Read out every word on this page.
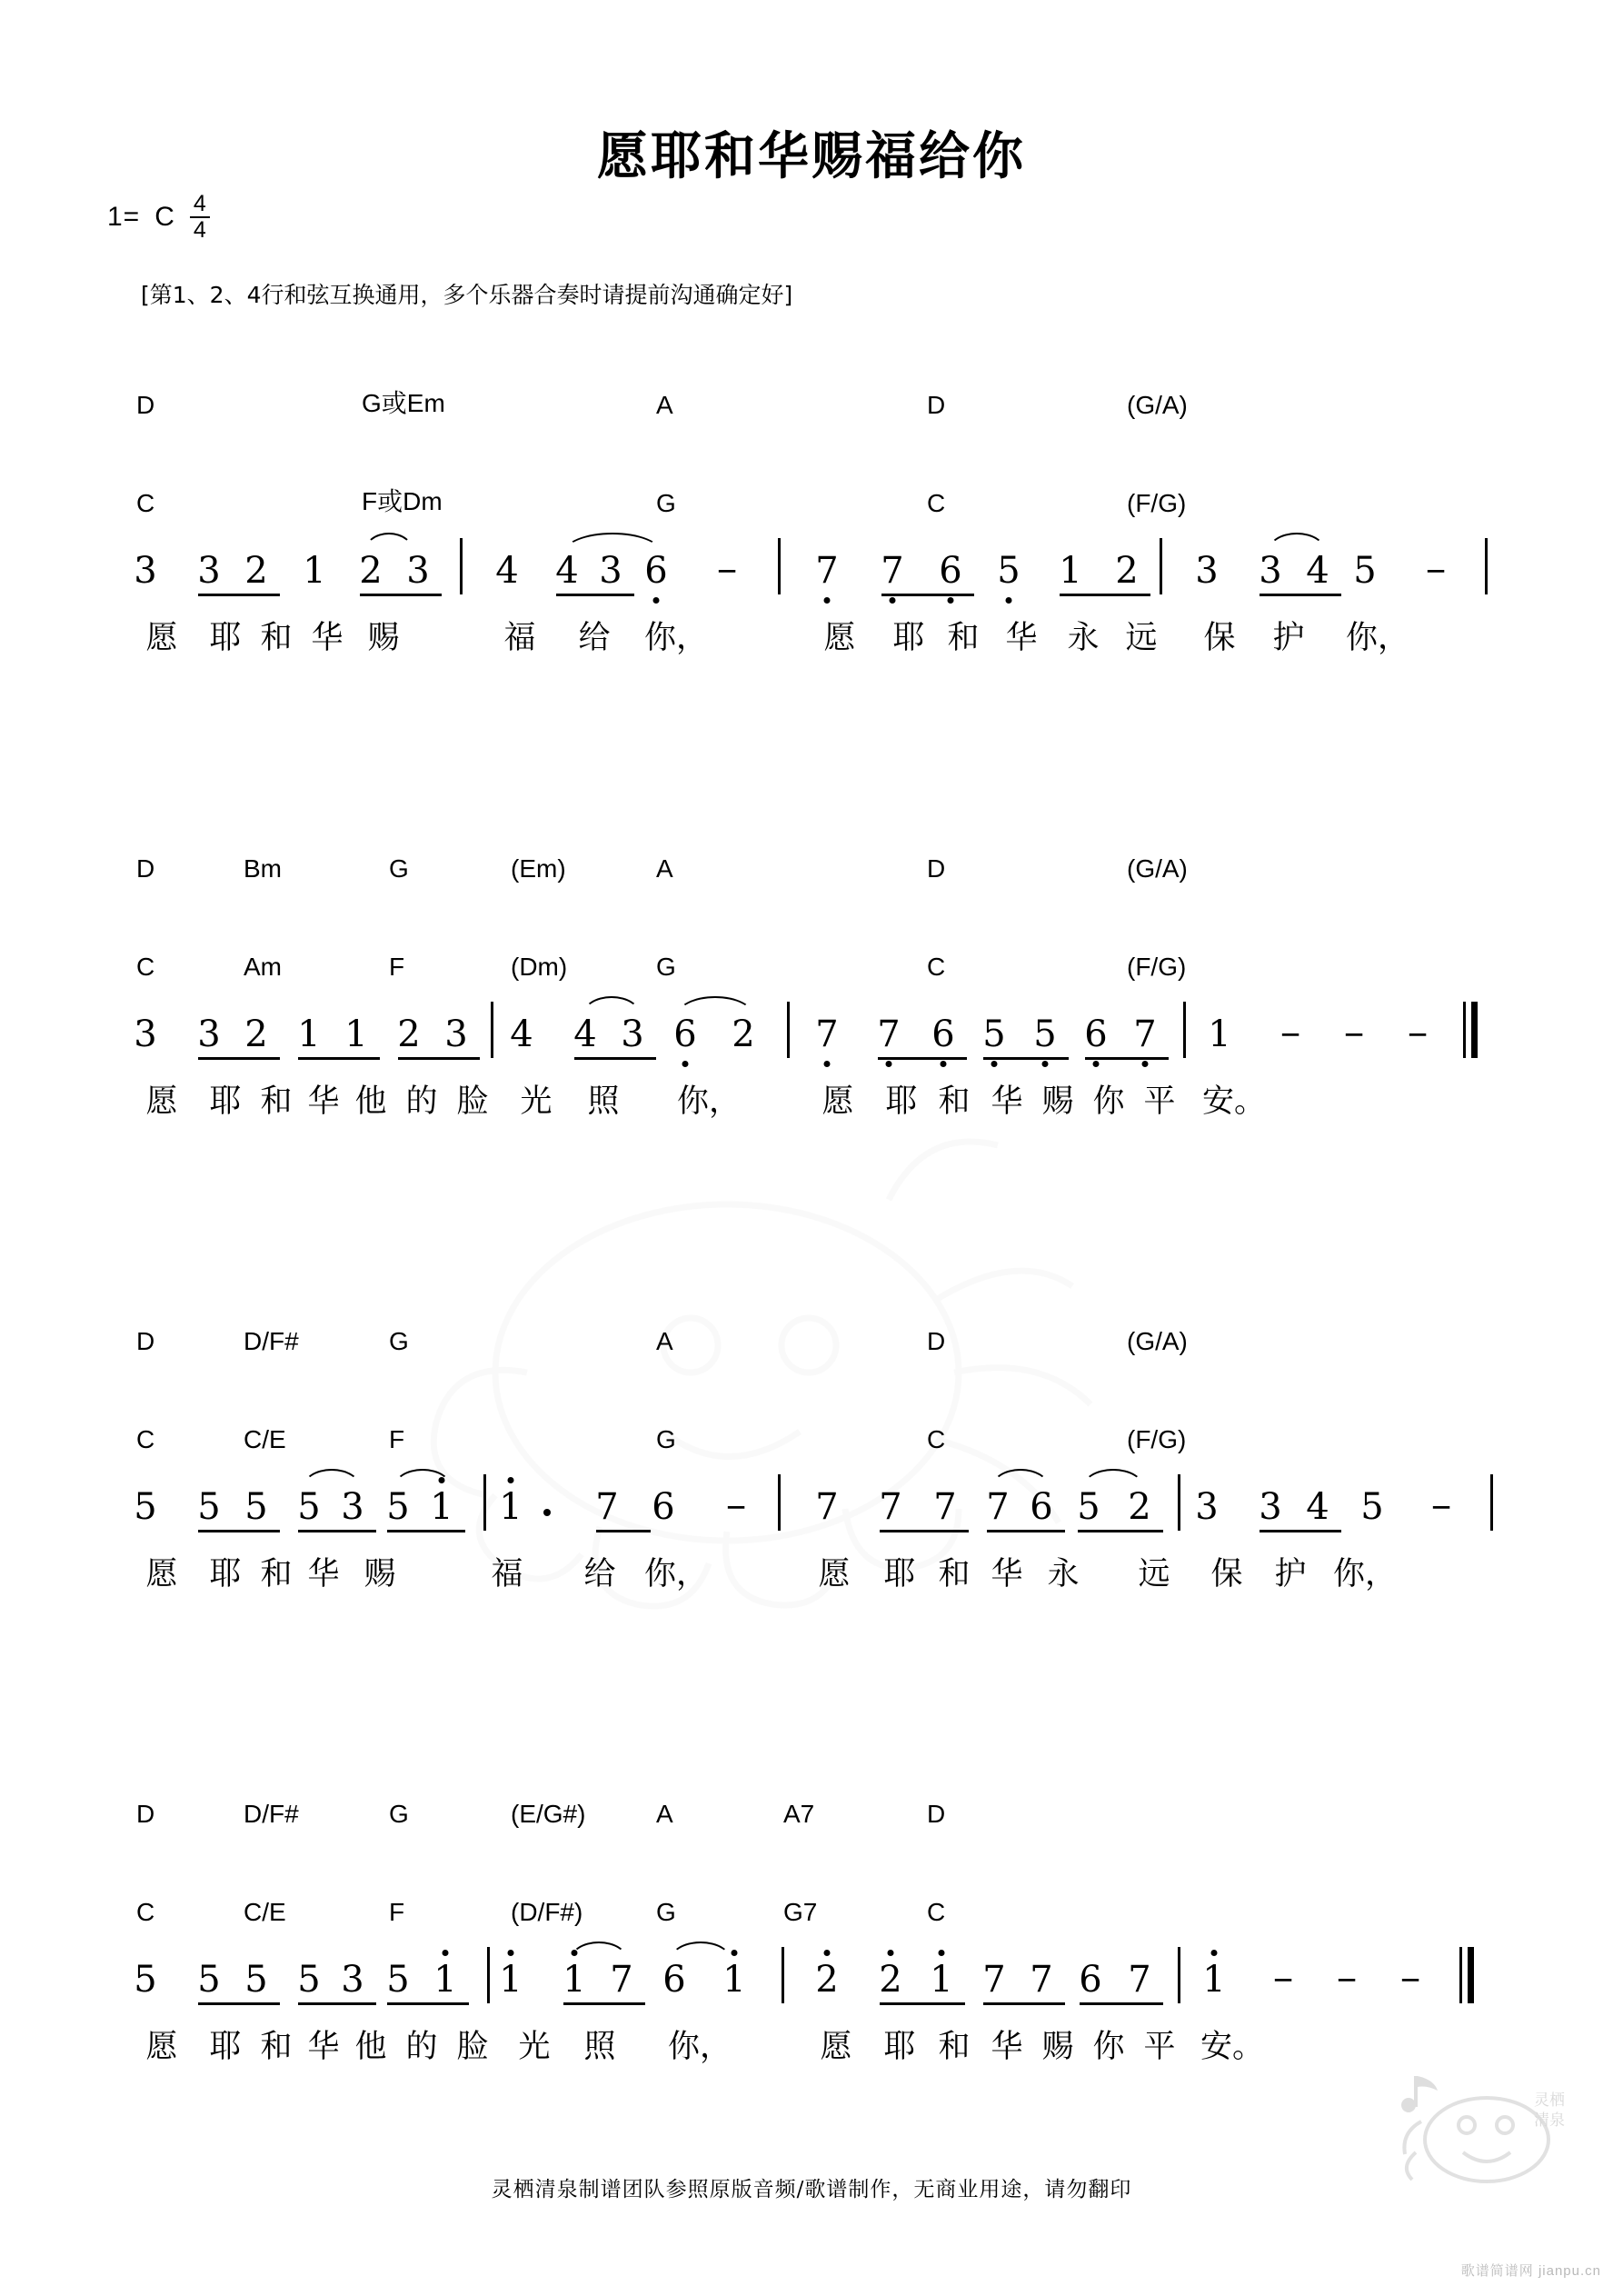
灵栖
清泉
歌谱简谱网 jianpu.cn
愿耶和华赐福给你
1= C $\frac{4}{4}$
[第1、2、4行和弦互换通用，多个乐器合奏时请提前沟通确定好]
D	G或Em	A	D	(G/A)
C	F或Dm	G	C	(F/G)
3 3 2 1 2 3 4 4 3 6 − 7 7 6 5 1 2 3 3 4 5 −
愿 耶 和 华 赐	福 给 你，	愿 耶 和 华 永 远 保 护 你，
D	Bm	G	(Em)	A	D	(G/A)
C	Am	F	(Dm)	G	C	(F/G)
3 3 2 1 1 2 3 4 4 3 6 2 7 7 6 5 5 6 7 1 − − −
愿 耶 和 华 他 的 脸 光 照 你，	愿 耶 和 华 赐 你 平 安。
D	D/F#	G	A	D	(G/A)
C	C/E	F	G	C	(F/G)
5 5 5 5 3 5 1 1 7 6 − 7 7 7 7 6 5 2 3 3 4 5 −
愿 耶 和 华 赐	福 给 你，	愿 耶 和 华 永 远 保 护 你，
D	D/F#	G	(E/G#)	A	A7	D
C	C/E	F	(D/F#)	G	G7	C
5 5 5 5 3 5 1 1 1 7 6 1 2 2 1 7 7 6 7 1 − − −
愿 耶 和 华 他 的 脸 光 照 你，	愿 耶 和 华 赐 你 平 安。
灵栖清泉制谱团队参照原版音频/歌谱制作，无商业用途，请勿翻印
